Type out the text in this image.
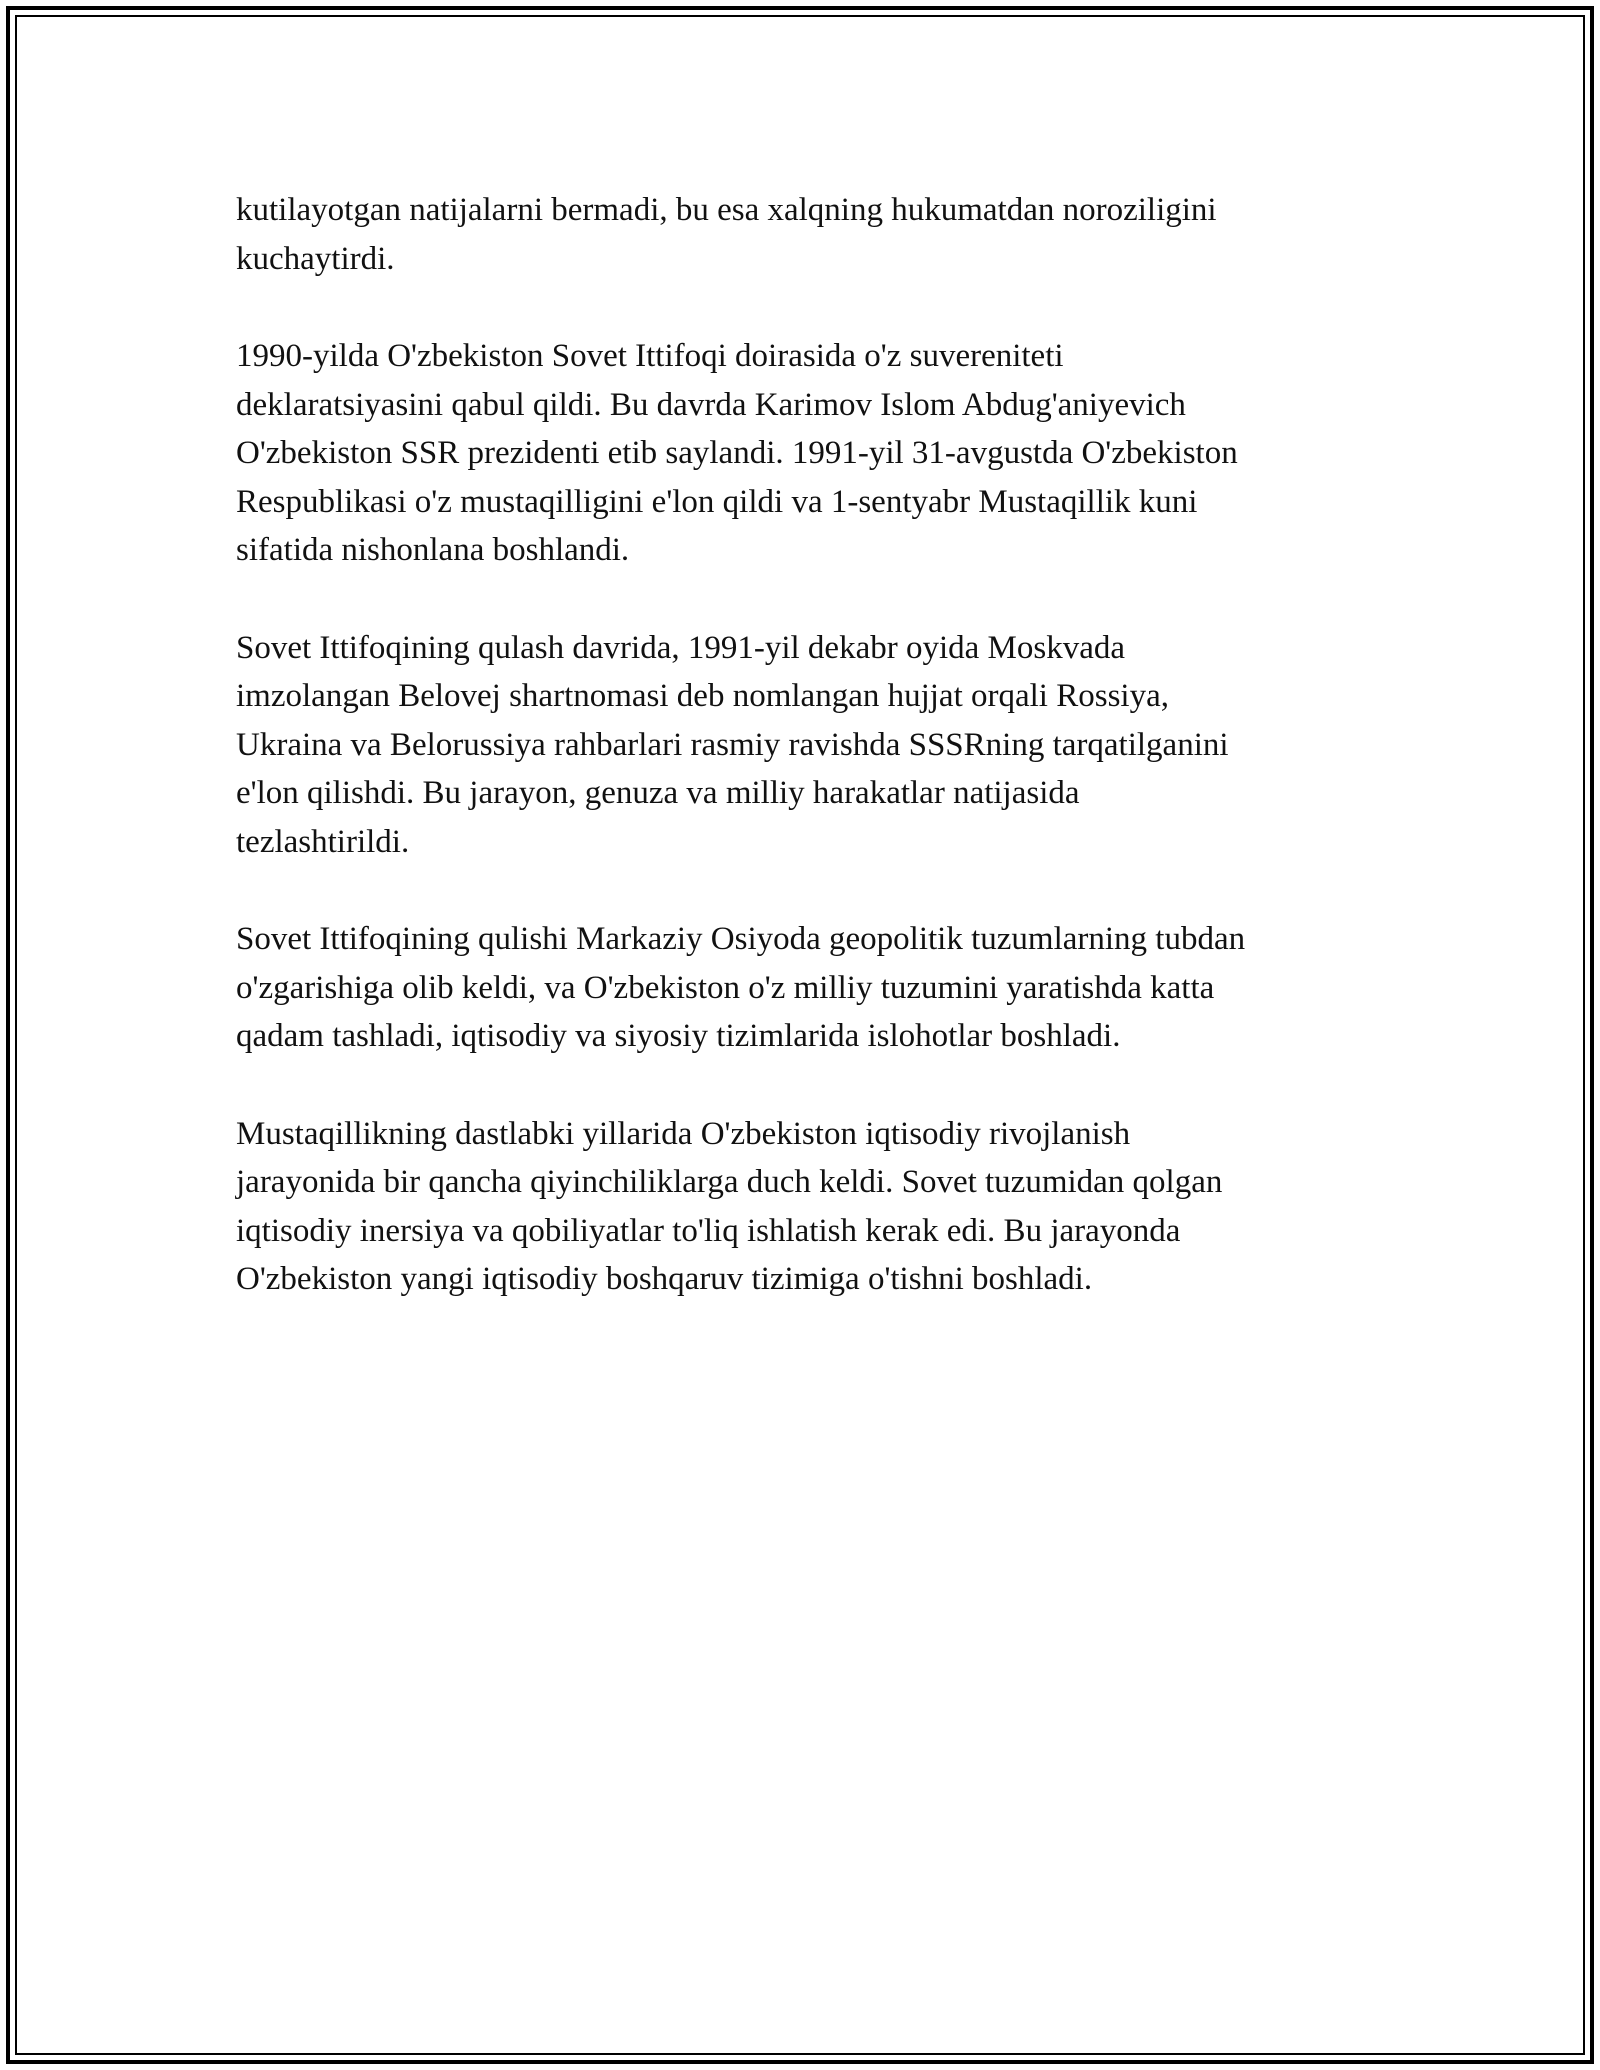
kutilayotgan natijalarni bermadi, bu esa xalqning hukumatdan noroziligini
kuchaytirdi.

1990-yilda O'zbekiston Sovet Ittifoqi doirasida o'z suvereniteti
deklaratsiyasini qabul qildi. Bu davrda Karimov Islom Abdug'aniyevich
O'zbekiston SSR prezidenti etib saylandi. 1991-yil 31-avgustda O'zbekiston
Respublikasi o'z mustaqilligini e'lon qildi va 1-sentyabr Mustaqillik kuni
sifatida nishonlana boshlandi.

Sovet Ittifoqining qulash davrida, 1991-yil dekabr oyida Moskvada
imzolangan Belovej shartnomasi deb nomlangan hujjat orqali Rossiya,
Ukraina va Belorussiya rahbarlari rasmiy ravishda SSSRning tarqatilganini
e'lon qilishdi. Bu jarayon, genuza va milliy harakatlar natijasida
tezlashtirildi.

Sovet Ittifoqining qulishi Markaziy Osiyoda geopolitik tuzumlarning tubdan
o'zgarishiga olib keldi, va O'zbekiston o'z milliy tuzumini yaratishda katta
qadam tashladi, iqtisodiy va siyosiy tizimlarida islohotlar boshladi.

Mustaqillikning dastlabki yillarida O'zbekiston iqtisodiy rivojlanish
jarayonida bir qancha qiyinchiliklarga duch keldi. Sovet tuzumidan qolgan
iqtisodiy inersiya va qobiliyatlar to'liq ishlatish kerak edi. Bu jarayonda
O'zbekiston yangi iqtisodiy boshqaruv tizimiga o'tishni boshladi.
